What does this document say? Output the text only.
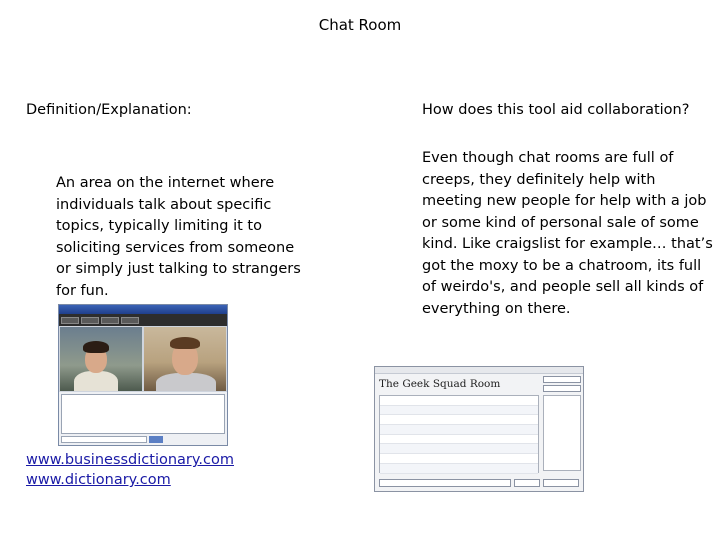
Chat Room
Definition/Explanation:	How does this tool aid collaboration?
An area on the internet where individuals talk about specific topics, typically limiting it to soliciting services from someone or simply just talking to strangers for fun.
Even though chat rooms are full of creeps, they definitely help with meeting new people for help with a job or some kind of personal sale of some kind. Like craigslist for example… that’s got the moxy to be a chatroom, its full of weirdo's, and people sell all kinds of everything on there.
www.businessdictionary.com
www.dictionary.com
The Geek Squad Room
